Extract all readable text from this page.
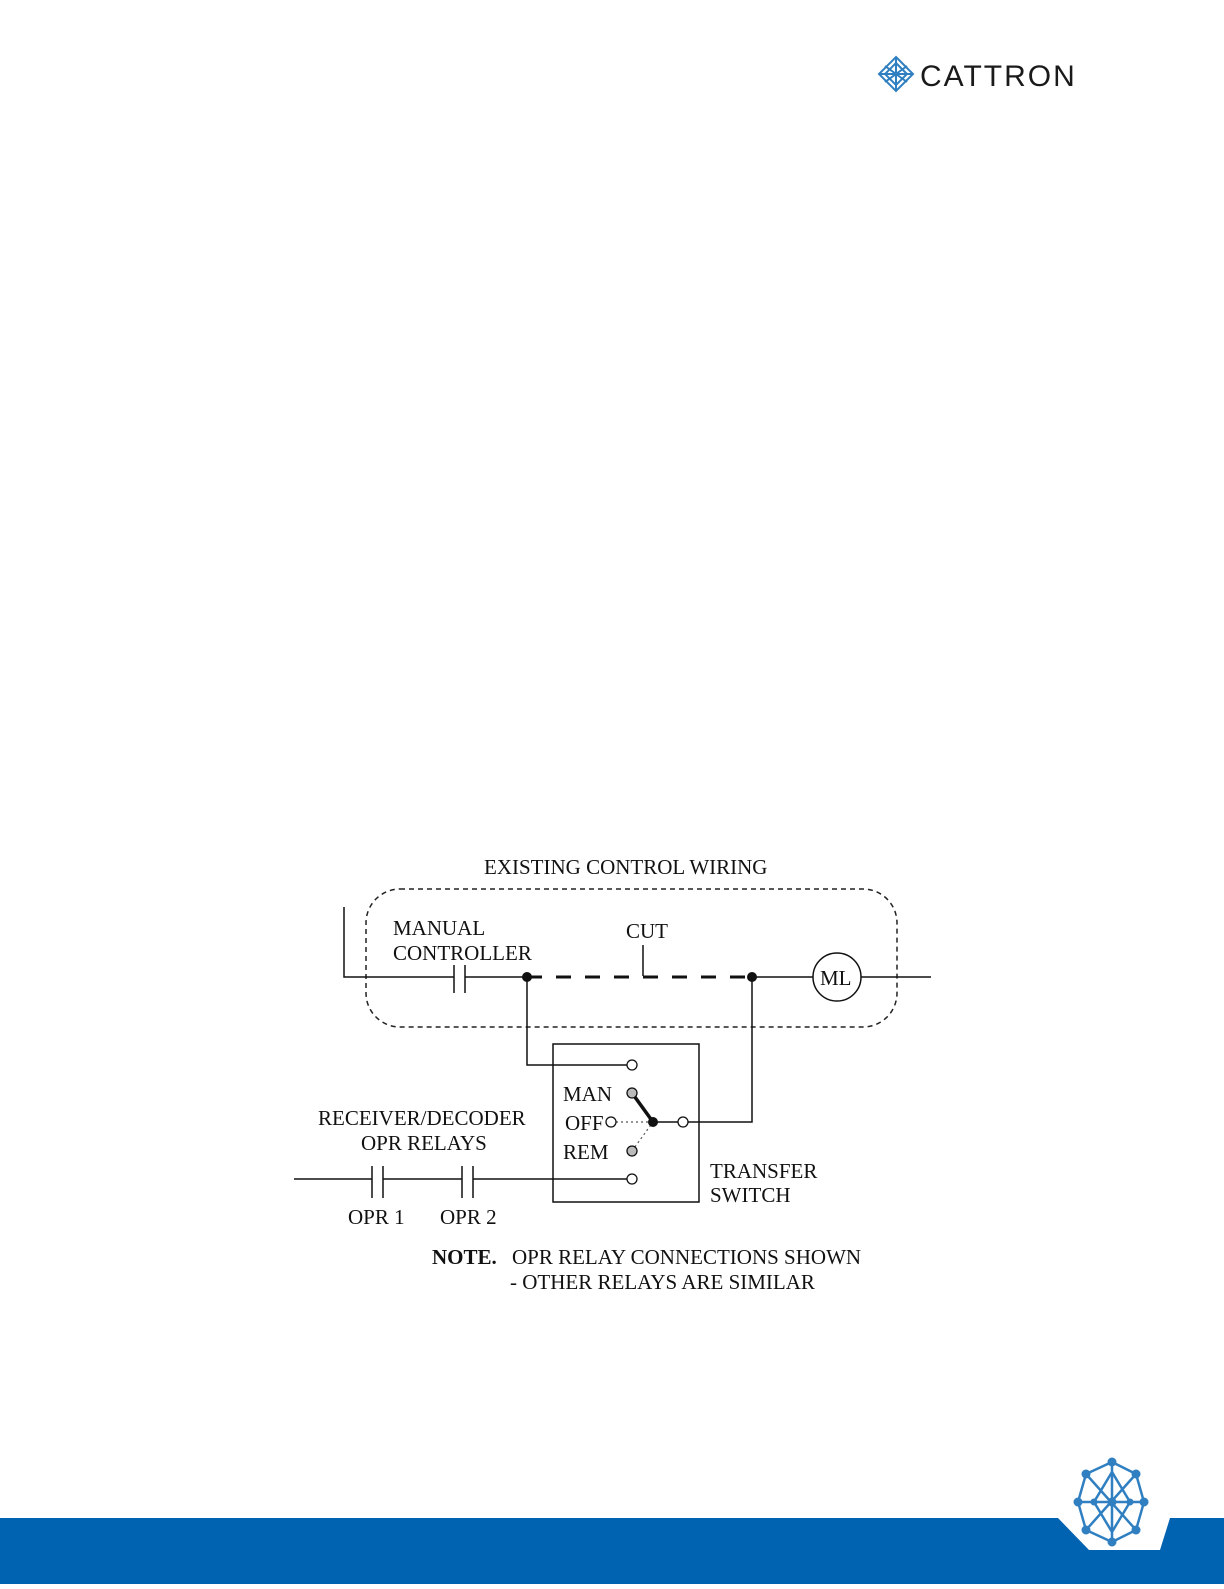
CATTRON
EXISTING CONTROL WIRING
MANUAL
CONTROLLER
CUT
ML
MAN
OFF
REM
RECEIVER/DECODER
OPR RELAYS
TRANSFER
SWITCH
OPR 1 OPR 2
NOTE. OPR RELAY CONNECTIONS SHOWN
- OTHER RELAYS ARE SIMILAR
